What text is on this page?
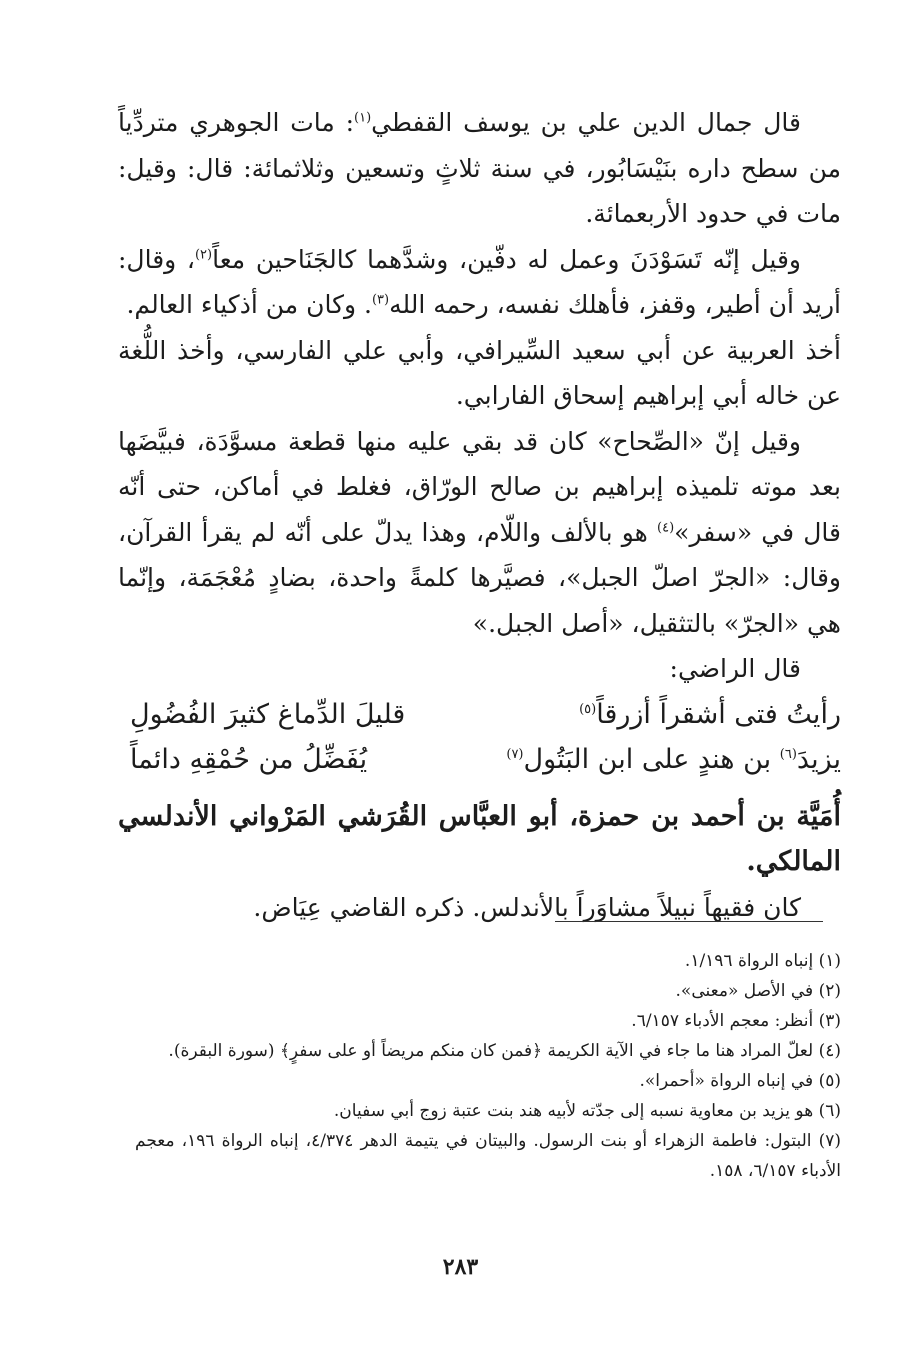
قال جمال الدين علي بن يوسف القفطي$^{(١)}$: مات الجوهري متردِّياً من سطح داره بنَيْسَابُور، في سنة ثلاثٍ وتسعين وثلاثمائة: قال: وقيل: مات في حدود الأربعمائة.

وقيل إنّه تَسَوْدَنَ وعمل له دفّين، وشدَّهما كالجَنَاحين معاً$^{(٢)}$، وقال: أريد أن أطير، وقفز، فأهلك نفسه، رحمه الله$^{(٣)}$. وكان من أذكياء العالم.

أخذ العربية عن أبي سعيد السِّيرافي، وأبي علي الفارسي، وأخذ اللُّغة عن خاله أبي إبراهيم إسحاق الفارابي.

وقيل إنّ «الصِّحاح» كان قد بقي عليه منها قطعة مسوَّدَة، فبيَّضَها بعد موته تلميذه إبراهيم بن صالح الورّاق، فغلط في أماكن، حتى أنّه قال في «سفر»$^{(٤)}$ هو بالألف واللّام، وهذا يدلّ على أنّه لم يقرأ القرآن، وقال: «الجرّ اصلّ الجبل»، فصيَّرها كلمةً واحدة، بضادٍ مُعْجَمَة، وإنّما هي «الجرّ» بالتثقيل، «أصل الجبل.»

قال الراضي:

رأيتُ فتى أشقراً أزرقاً$^{(٥)}$
قليلَ الدِّماغ كثيرَ الفُضُولِ
يزيدَ$^{(٦)}$ بن هندٍ على ابن البَتُول$^{(٧)}$
يُفَضِّلُ من حُمْقِهِ دائماً

أُمَيَّة بن أحمد بن حمزة، أبو العبَّاس القُرَشي المَرْواني الأندلسي المالكي.

كان فقيهاً نبيلاً مشاوَراً بالأندلس. ذكره القاضي عِيَاض.

(١) إنباه الرواة ١/١٩٦.

(٢) في الأصل «معنى».

(٣) أنظر: معجم الأدباء ٦/١٥٧.

(٤) لعلّ المراد هنا ما جاء في الآية الكريمة ﴿فمن كان منكم مريضاً أو على سفرٍ﴾ (سورة البقرة).

(٥) في إنباه الرواة «أحمرا».

(٦) هو يزيد بن معاوية نسبه إلى جدّته لأبيه هند بنت عتبة زوج أبي سفيان.

(٧) البتول: فاطمة الزهراء أو بنت الرسول. والبيتان في يتيمة الدهر ٤/٣٧٤، إنباه الرواة ١٩٦، معجم الأدباء ٦/١٥٧، ١٥٨.

٢٨٣
